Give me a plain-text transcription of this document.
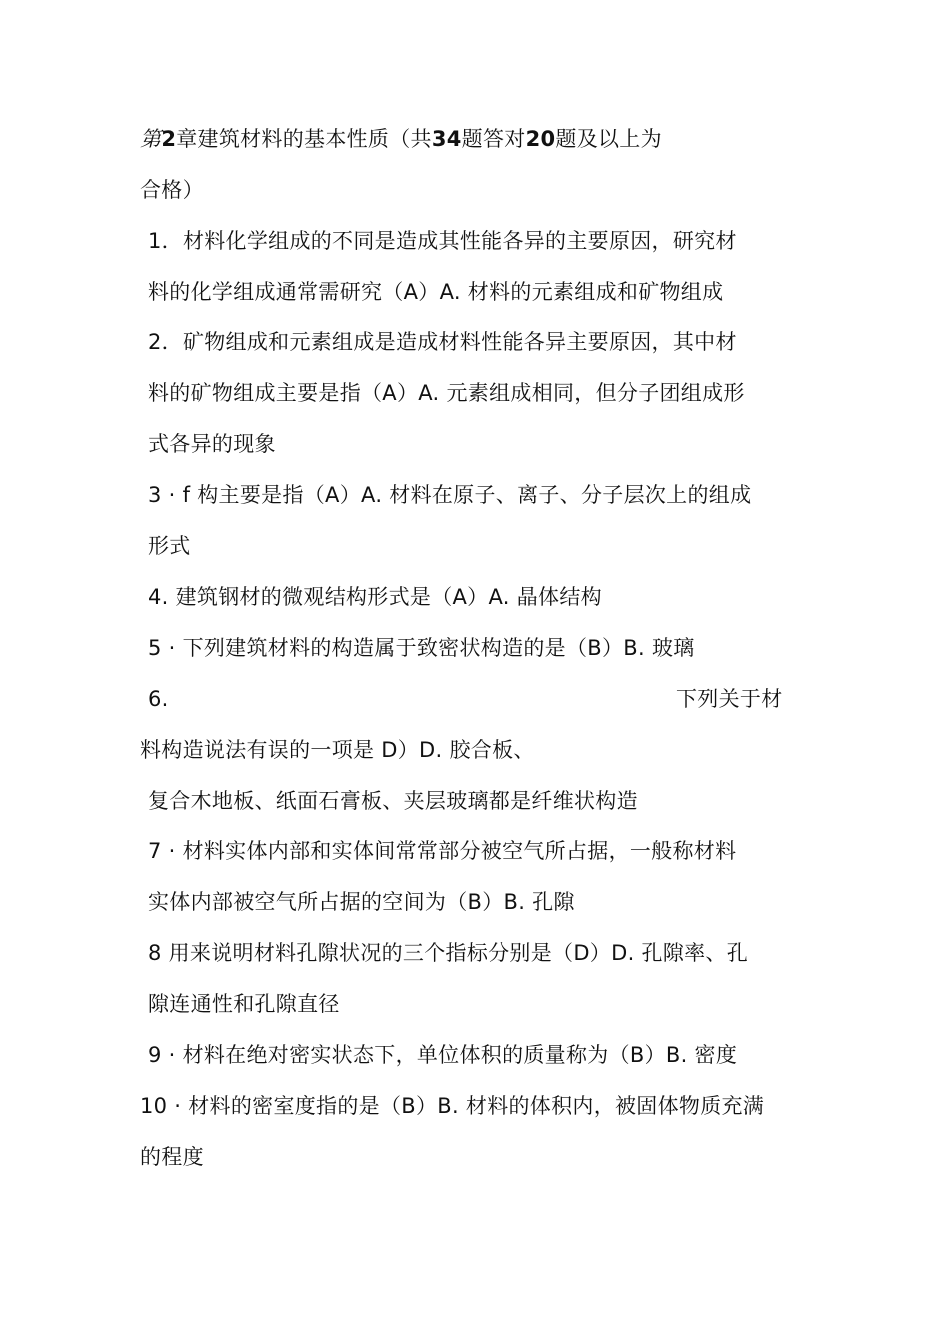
第2章建筑材料的基本性质（共34题答对20题及以上为
合格）
1．材料化学组成的不同是造成其性能各异的主要原因，研究材
料的化学组成通常需研究（A）A. 材料的元素组成和矿物组成
2．矿物组成和元素组成是造成材料性能各异主要原因，其中材
料的矿物组成主要是指（A）A. 元素组成相同，但分子团组成形
式各异的现象
3 · f 构主要是指（A）A. 材料在原子、离子、分子层次上的组成
形式
4. 建筑钢材的微观结构形式是（A）A. 晶体结构
5 · 下列建筑材料的构造属于致密状构造的是（B）B. 玻璃
6.	下列关于材
料构造说法有误的一项是 D）D. 胶合板、
复合木地板、纸面石膏板、夹层玻璃都是纤维状构造
7 · 材料实体内部和实体间常常部分被空气所占据，一般称材料
实体内部被空气所占据的空间为（B）B. 孔隙
8 用来说明材料孔隙状况的三个指标分别是（D）D. 孔隙率、孔
隙连通性和孔隙直径
9 · 材料在绝对密实状态下，单位体积的质量称为（B）B. 密度
10 · 材料的密室度指的是（B）B. 材料的体积内，被固体物质充满
的程度
